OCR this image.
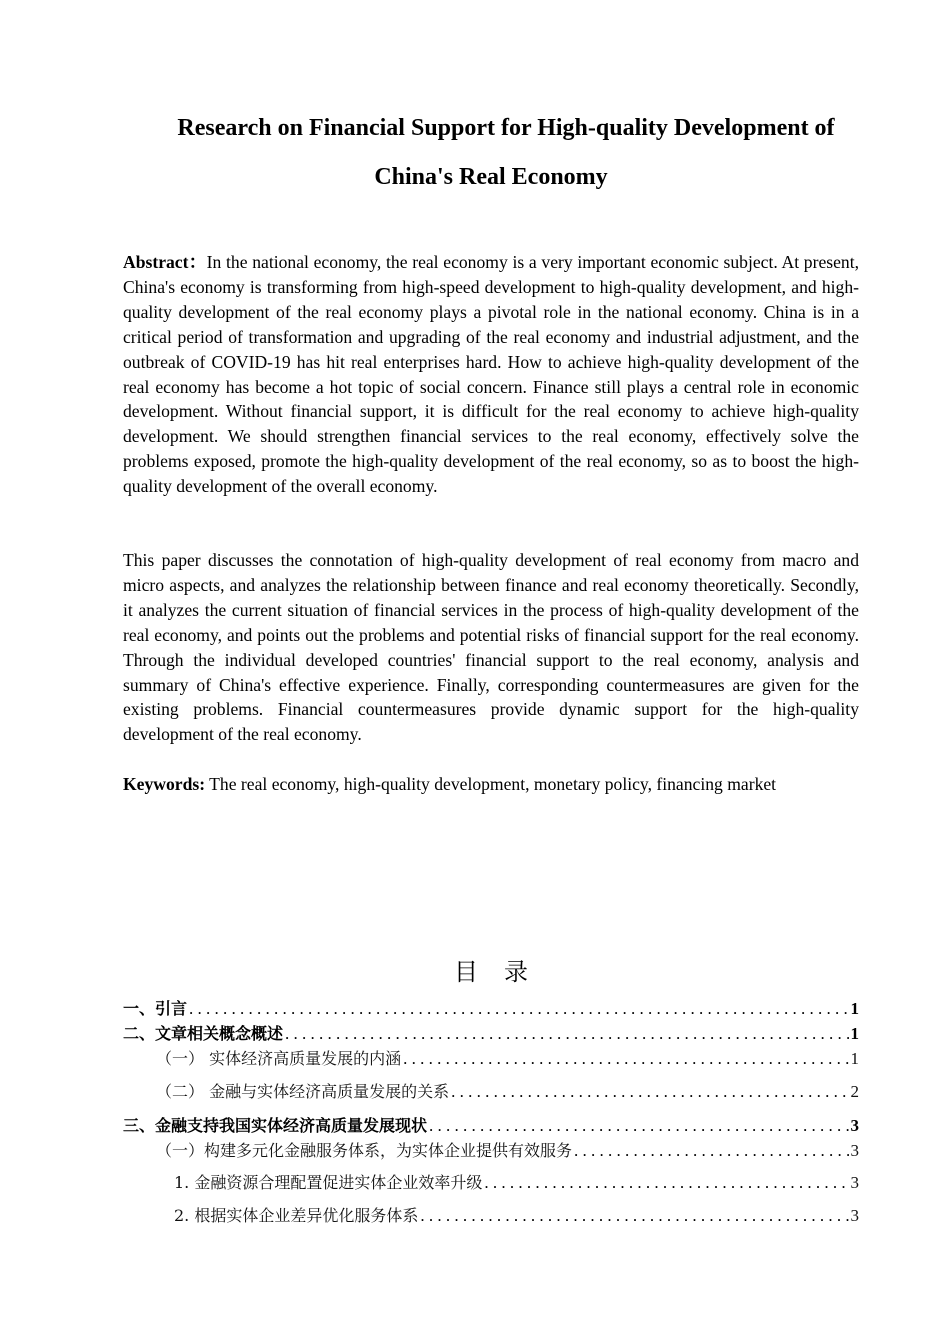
Research on Financial Support for High-quality Development of
China's Real Economy

Abstract：In the national economy, the real economy is a very important economic subject. At present, China's economy is transforming from high-speed development to high-quality development, and high-quality development of the real economy plays a pivotal role in the national economy. China is in a critical period of transformation and upgrading of the real economy and industrial adjustment, and the outbreak of COVID-19 has hit real enterprises hard. How to achieve high-quality development of the real economy has become a hot topic of social concern. Finance still plays a central role in economic development. Without financial support, it is difficult for the real economy to achieve high-quality development. We should strengthen financial services to the real economy, effectively solve the problems exposed, promote the high-quality development of the real economy, so as to boost the high-quality development of the overall economy.

This paper discusses the connotation of high-quality development of real economy from macro and micro aspects, and analyzes the relationship between finance and real economy theoretically. Secondly, it analyzes the current situation of financial services in the process of high-quality development of the real economy, and points out the problems and potential risks of financial support for the real economy. Through the individual developed countries' financial support to the real economy, analysis and summary of China's effective experience. Finally, corresponding countermeasures are given for the existing problems. Financial countermeasures provide dynamic support for the high-quality development of the real economy.

Keywords: The real economy, high-quality development, monetary policy, financing market

目录
一、引言 . . .	1
二、文章相关概念概述 . . .	1
（一） 实体经济高质量发展的内涵 . . .	1
（二） 金融与实体经济高质量发展的关系 . . .	2
三、金融支持我国实体经济高质量发展现状 . . .	3
（一）构建多元化金融服务体系，为实体企业提供有效服务 . . .	3
1. 金融资源合理配置促进实体企业效率升级 . . .	3
2. 根据实体企业差异优化服务体系 . . .	3
